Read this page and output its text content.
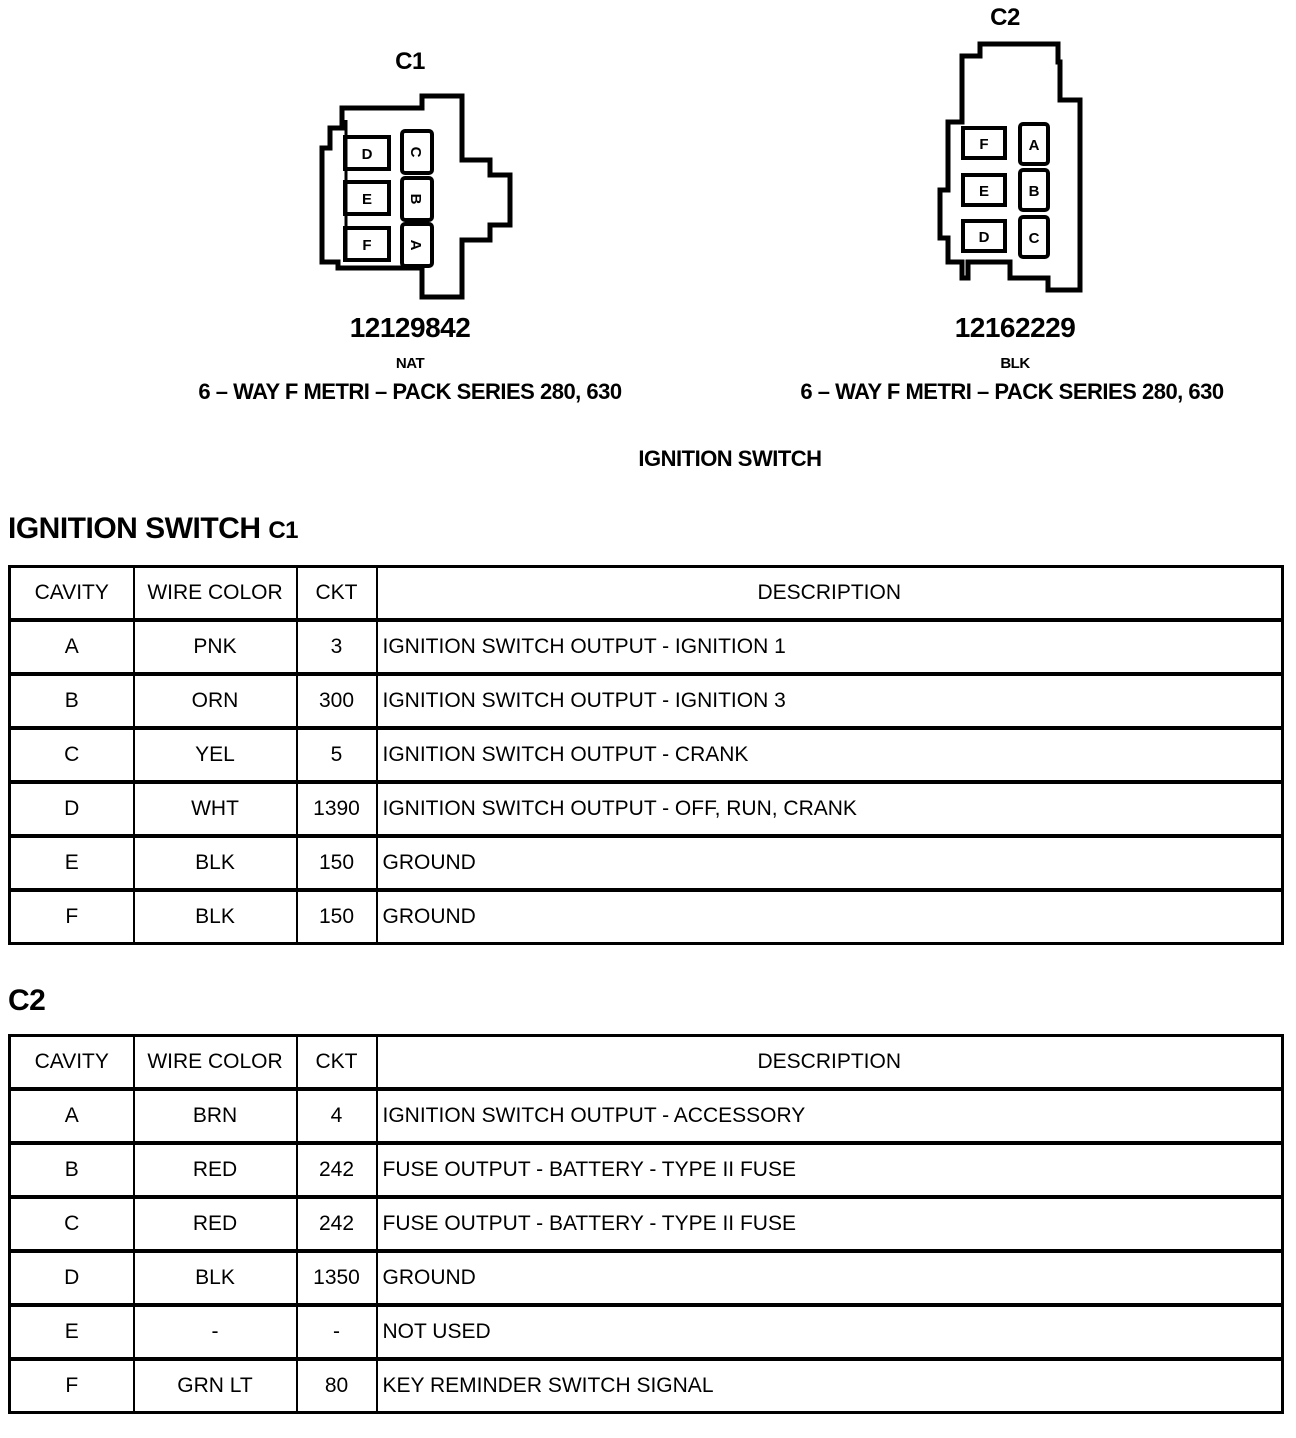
D C
E B
F A
F	A
E	B
D	C
C1
12129842
NAT
6 – WAY F METRI – PACK SERIES 280, 630
C2
12162229
BLK
6 – WAY F METRI – PACK SERIES 280, 630
IGNITION SWITCH
IGNITION SWITCH C1
CAVITY	WIRE COLOR	CKT	DESCRIPTION
A	PNK	3	IGNITION SWITCH OUTPUT - IGNITION 1
B	ORN	300	IGNITION SWITCH OUTPUT - IGNITION 3
C	YEL	5	IGNITION SWITCH OUTPUT - CRANK
D	WHT	1390	IGNITION SWITCH OUTPUT - OFF, RUN, CRANK
E	BLK	150	GROUND
F	BLK	150	GROUND
C2
CAVITY	WIRE COLOR	CKT	DESCRIPTION
A	BRN	4	IGNITION SWITCH OUTPUT - ACCESSORY
B	RED	242	FUSE OUTPUT - BATTERY - TYPE II FUSE
C	RED	242	FUSE OUTPUT - BATTERY - TYPE II FUSE
D	BLK	1350	GROUND
E	-	-	NOT USED
F	GRN LT	80	KEY REMINDER SWITCH SIGNAL
